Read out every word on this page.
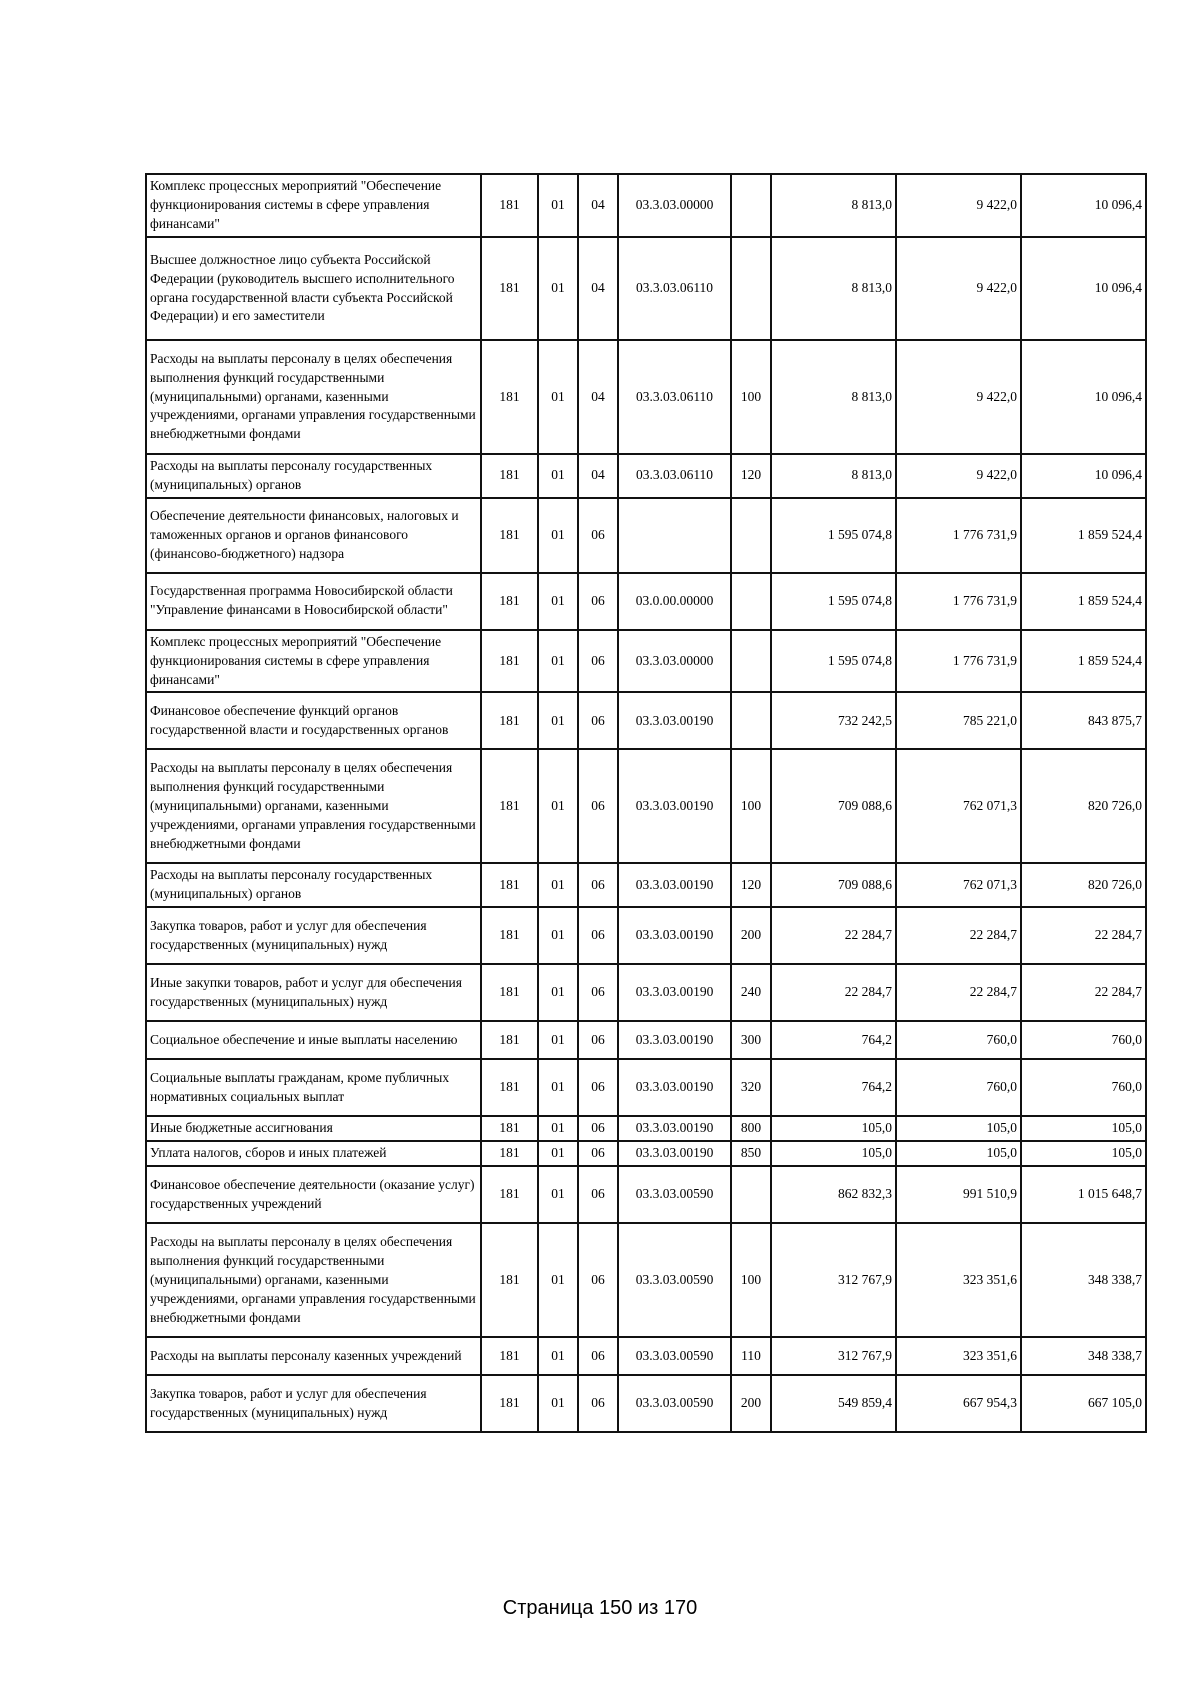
Комплекс процессных мероприятий "Обеспечение функционирования системы в сфере управления финансами"	181	01	04	03.3.03.00000		8 813,0	9 422,0	10 096,4
Высшее должностное лицо субъекта Российской Федерации (руководитель высшего исполнительного органа государственной власти субъекта Российской Федерации) и его заместители	181	01	04	03.3.03.06110		8 813,0	9 422,0	10 096,4
Расходы на выплаты персоналу в целях обеспечения выполнения функций государственными (муниципальными) органами, казенными учреждениями, органами управления государственными внебюджетными фондами	181	01	04	03.3.03.06110	100	8 813,0	9 422,0	10 096,4
Расходы на выплаты персоналу государственных (муниципальных) органов	181	01	04	03.3.03.06110	120	8 813,0	9 422,0	10 096,4
Обеспечение деятельности финансовых, налоговых и таможенных органов и органов финансового (финансово-бюджетного) надзора	181	01	06			1 595 074,8	1 776 731,9	1 859 524,4
Государственная программа Новосибирской области "Управление финансами в Новосибирской области"	181	01	06	03.0.00.00000		1 595 074,8	1 776 731,9	1 859 524,4
Комплекс процессных мероприятий "Обеспечение функционирования системы в сфере управления финансами"	181	01	06	03.3.03.00000		1 595 074,8	1 776 731,9	1 859 524,4
Финансовое обеспечение функций органов государственной власти и государственных органов	181	01	06	03.3.03.00190		732 242,5	785 221,0	843 875,7
Расходы на выплаты персоналу в целях обеспечения выполнения функций государственными (муниципальными) органами, казенными учреждениями, органами управления государственными внебюджетными фондами	181	01	06	03.3.03.00190	100	709 088,6	762 071,3	820 726,0
Расходы на выплаты персоналу государственных (муниципальных) органов	181	01	06	03.3.03.00190	120	709 088,6	762 071,3	820 726,0
Закупка товаров, работ и услуг для обеспечения государственных (муниципальных) нужд	181	01	06	03.3.03.00190	200	22 284,7	22 284,7	22 284,7
Иные закупки товаров, работ и услуг для обеспечения государственных (муниципальных) нужд	181	01	06	03.3.03.00190	240	22 284,7	22 284,7	22 284,7
Социальное обеспечение и иные выплаты населению	181	01	06	03.3.03.00190	300	764,2	760,0	760,0
Социальные выплаты гражданам, кроме публичных нормативных социальных выплат	181	01	06	03.3.03.00190	320	764,2	760,0	760,0
Иные бюджетные ассигнования	181	01	06	03.3.03.00190	800	105,0	105,0	105,0
Уплата налогов, сборов и иных платежей	181	01	06	03.3.03.00190	850	105,0	105,0	105,0
Финансовое обеспечение деятельности (оказание услуг) государственных учреждений	181	01	06	03.3.03.00590		862 832,3	991 510,9	1 015 648,7
Расходы на выплаты персоналу в целях обеспечения выполнения функций государственными (муниципальными) органами, казенными учреждениями, органами управления государственными внебюджетными фондами	181	01	06	03.3.03.00590	100	312 767,9	323 351,6	348 338,7
Расходы на выплаты персоналу казенных учреждений	181	01	06	03.3.03.00590	110	312 767,9	323 351,6	348 338,7
Закупка товаров, работ и услуг для обеспечения государственных (муниципальных) нужд	181	01	06	03.3.03.00590	200	549 859,4	667 954,3	667 105,0
Страница 150 из 170
